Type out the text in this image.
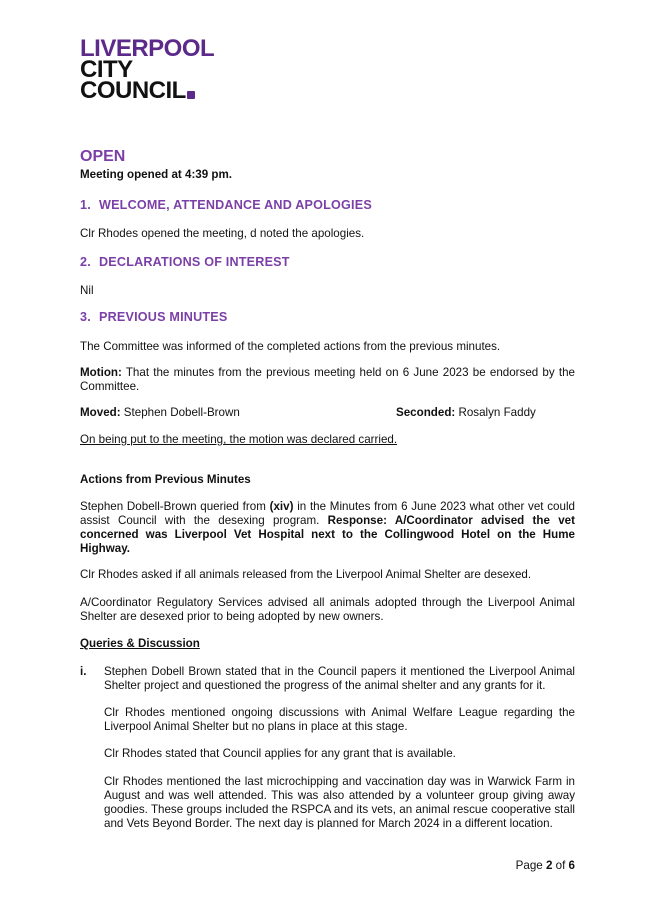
LIVERPOOL
CITY
COUNCIL
OPEN
Meeting opened at 4:39 pm.
1. WELCOME, ATTENDANCE AND APOLOGIES
Clr Rhodes opened the meeting, d noted the apologies.
2. DECLARATIONS OF INTEREST
Nil
3. PREVIOUS MINUTES
The Committee was informed of the completed actions from the previous minutes.
Motion: That the minutes from the previous meeting held on 6 June 2023 be endorsed by the Committee.
Moved: Stephen Dobell-Brown	Seconded: Rosalyn Faddy
On being put to the meeting, the motion was declared carried.
Actions from Previous Minutes
Stephen Dobell-Brown queried from (xiv) in the Minutes from 6 June 2023 what other vet could assist Council with the desexing program. Response: A/Coordinator advised the vet concerned was Liverpool Vet Hospital next to the Collingwood Hotel on the Hume Highway.
Clr Rhodes asked if all animals released from the Liverpool Animal Shelter are desexed.
A/Coordinator Regulatory Services advised all animals adopted through the Liverpool Animal Shelter are desexed prior to being adopted by new owners.
Queries & Discussion
i. Stephen Dobell Brown stated that in the Council papers it mentioned the Liverpool Animal Shelter project and questioned the progress of the animal shelter and any grants for it.
Clr Rhodes mentioned ongoing discussions with Animal Welfare League regarding the Liverpool Animal Shelter but no plans in place at this stage.
Clr Rhodes stated that Council applies for any grant that is available.
Clr Rhodes mentioned the last microchipping and vaccination day was in Warwick Farm in August and was well attended. This was also attended by a volunteer group giving away goodies. These groups included the RSPCA and its vets, an animal rescue cooperative stall and Vets Beyond Border. The next day is planned for March 2024 in a different location.
Page 2 of 6
